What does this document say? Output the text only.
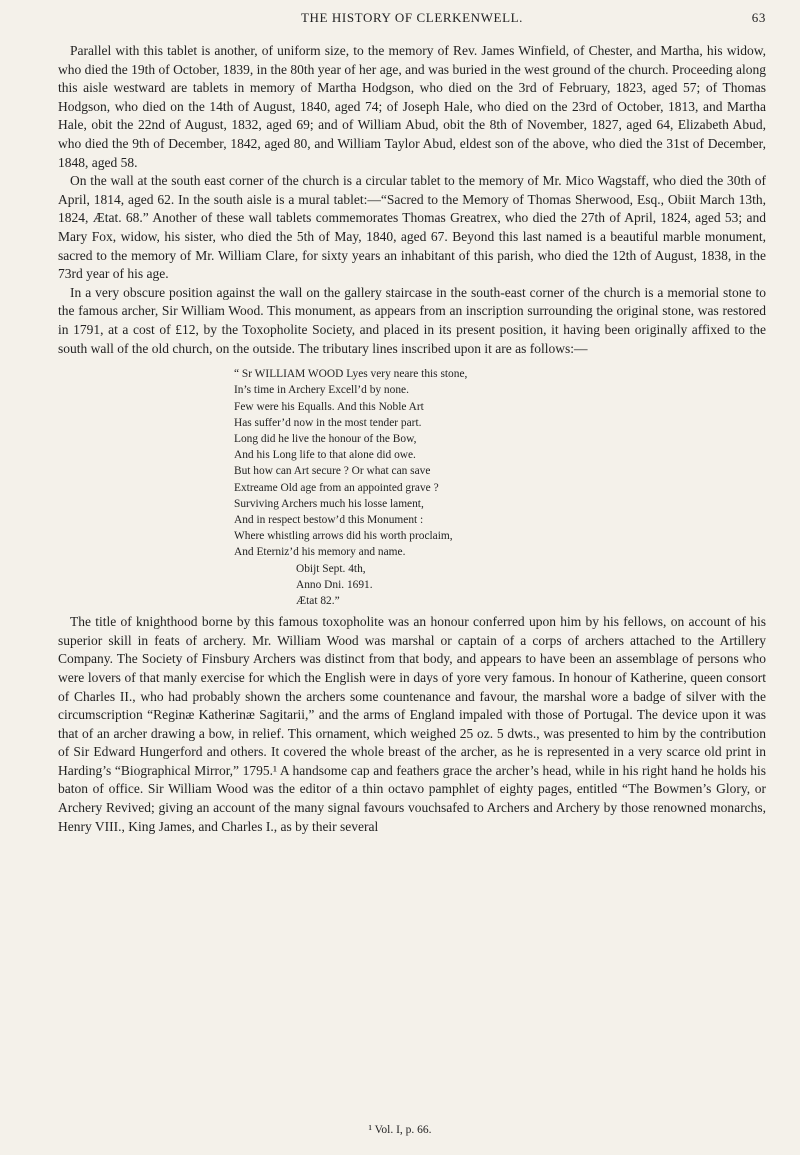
THE HISTORY OF CLERKENWELL.	63

Parallel with this tablet is another, of uniform size, to the memory of Rev. James Winfield, of Chester, and Martha, his widow, who died the 19th of October, 1839, in the 80th year of her age, and was buried in the west ground of the church. Proceeding along this aisle westward are tablets in memory of Martha Hodgson, who died on the 3rd of February, 1823, aged 57; of Thomas Hodgson, who died on the 14th of August, 1840, aged 74; of Joseph Hale, who died on the 23rd of October, 1813, and Martha Hale, obit the 22nd of August, 1832, aged 69; and of William Abud, obit the 8th of November, 1827, aged 64, Elizabeth Abud, who died the 9th of December, 1842, aged 80, and William Taylor Abud, eldest son of the above, who died the 31st of December, 1848, aged 58.

On the wall at the south east corner of the church is a circular tablet to the memory of Mr. Mico Wagstaff, who died the 30th of April, 1814, aged 62. In the south aisle is a mural tablet:—“Sacred to the Memory of Thomas Sherwood, Esq., Obiit March 13th, 1824, Ætat. 68.” Another of these wall tablets commemorates Thomas Greatrex, who died the 27th of April, 1824, aged 53; and Mary Fox, widow, his sister, who died the 5th of May, 1840, aged 67. Beyond this last named is a beautiful marble monument, sacred to the memory of Mr. William Clare, for sixty years an inhabitant of this parish, who died the 12th of August, 1838, in the 73rd year of his age.

In a very obscure position against the wall on the gallery staircase in the south-east corner of the church is a memorial stone to the famous archer, Sir William Wood. This monument, as appears from an inscription surrounding the original stone, was restored in 1791, at a cost of £12, by the Toxopholite Society, and placed in its present position, it having been originally affixed to the south wall of the old church, on the outside. The tributary lines inscribed upon it are as follows:—

“ Sr WILLIAM WOOD Lyes very neare this stone,
In’s time in Archery Excell’d by none.
Few were his Equalls. And this Noble Art
Has suffer’d now in the most tender part.
Long did he live the honour of the Bow,
And his Long life to that alone did owe.
But how can Art secure ? Or what can save
Extreame Old age from an appointed grave ?
Surviving Archers much his losse lament,
And in respect bestow’d this Monument :
Where whistling arrows did his worth proclaim,
And Eterniz’d his memory and name.
Obijt Sept. 4th,
Anno Dni. 1691.
Ætat 82.”

The title of knighthood borne by this famous toxopholite was an honour conferred upon him by his fellows, on account of his superior skill in feats of archery. Mr. William Wood was marshal or captain of a corps of archers attached to the Artillery Company. The Society of Finsbury Archers was distinct from that body, and appears to have been an assemblage of persons who were lovers of that manly exercise for which the English were in days of yore very famous. In honour of Katherine, queen consort of Charles II., who had probably shown the archers some countenance and favour, the marshal wore a badge of silver with the circumscription “Reginæ Katherinæ Sagitarii,” and the arms of England impaled with those of Portugal. The device upon it was that of an archer drawing a bow, in relief. This ornament, which weighed 25 oz. 5 dwts., was presented to him by the contribution of Sir Edward Hungerford and others. It covered the whole breast of the archer, as he is represented in a very scarce old print in Harding’s “Biographical Mirror,” 1795.¹ A handsome cap and feathers grace the archer’s head, while in his right hand he holds his baton of office. Sir William Wood was the editor of a thin octavo pamphlet of eighty pages, entitled “The Bowmen’s Glory, or Archery Revived; giving an account of the many signal favours vouchsafed to Archers and Archery by those renowned monarchs, Henry VIII., King James, and Charles I., as by their several

¹ Vol. I, p. 66.
